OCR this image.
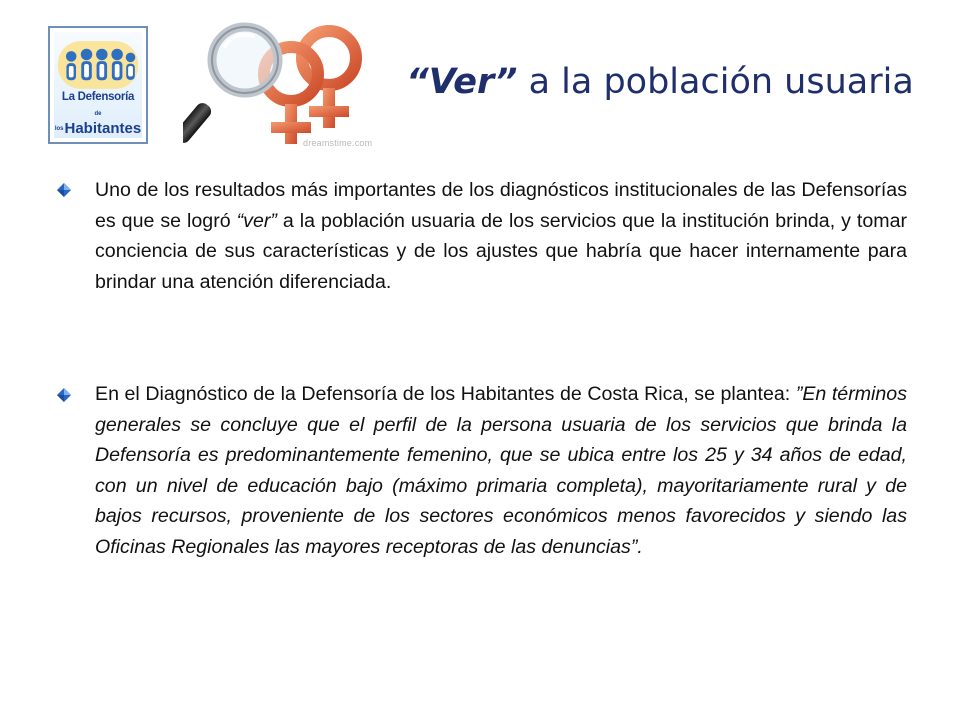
La Defensoría
de losHabitantes
dreamstime.com
“Ver” a la población usuaria

Uno de los resultados más importantes de los diagnósticos institucionales de las Defensorías es que se logró “ver” a la población usuaria de los servicios que la institución brinda, y tomar conciencia de sus características y de los ajustes que habría que hacer internamente para brindar una atención diferenciada.

En el Diagnóstico de la Defensoría de los Habitantes de Costa Rica, se plantea: ”En términos generales se concluye que el perfil de la persona usuaria de los servicios que brinda la Defensoría es predominantemente femenino, que se ubica entre los 25 y 34 años de edad, con un nivel de educación bajo (máximo primaria completa), mayoritariamente rural y de bajos recursos, proveniente de los sectores económicos menos favorecidos y siendo las Oficinas Regionales las mayores receptoras de las denuncias”.
